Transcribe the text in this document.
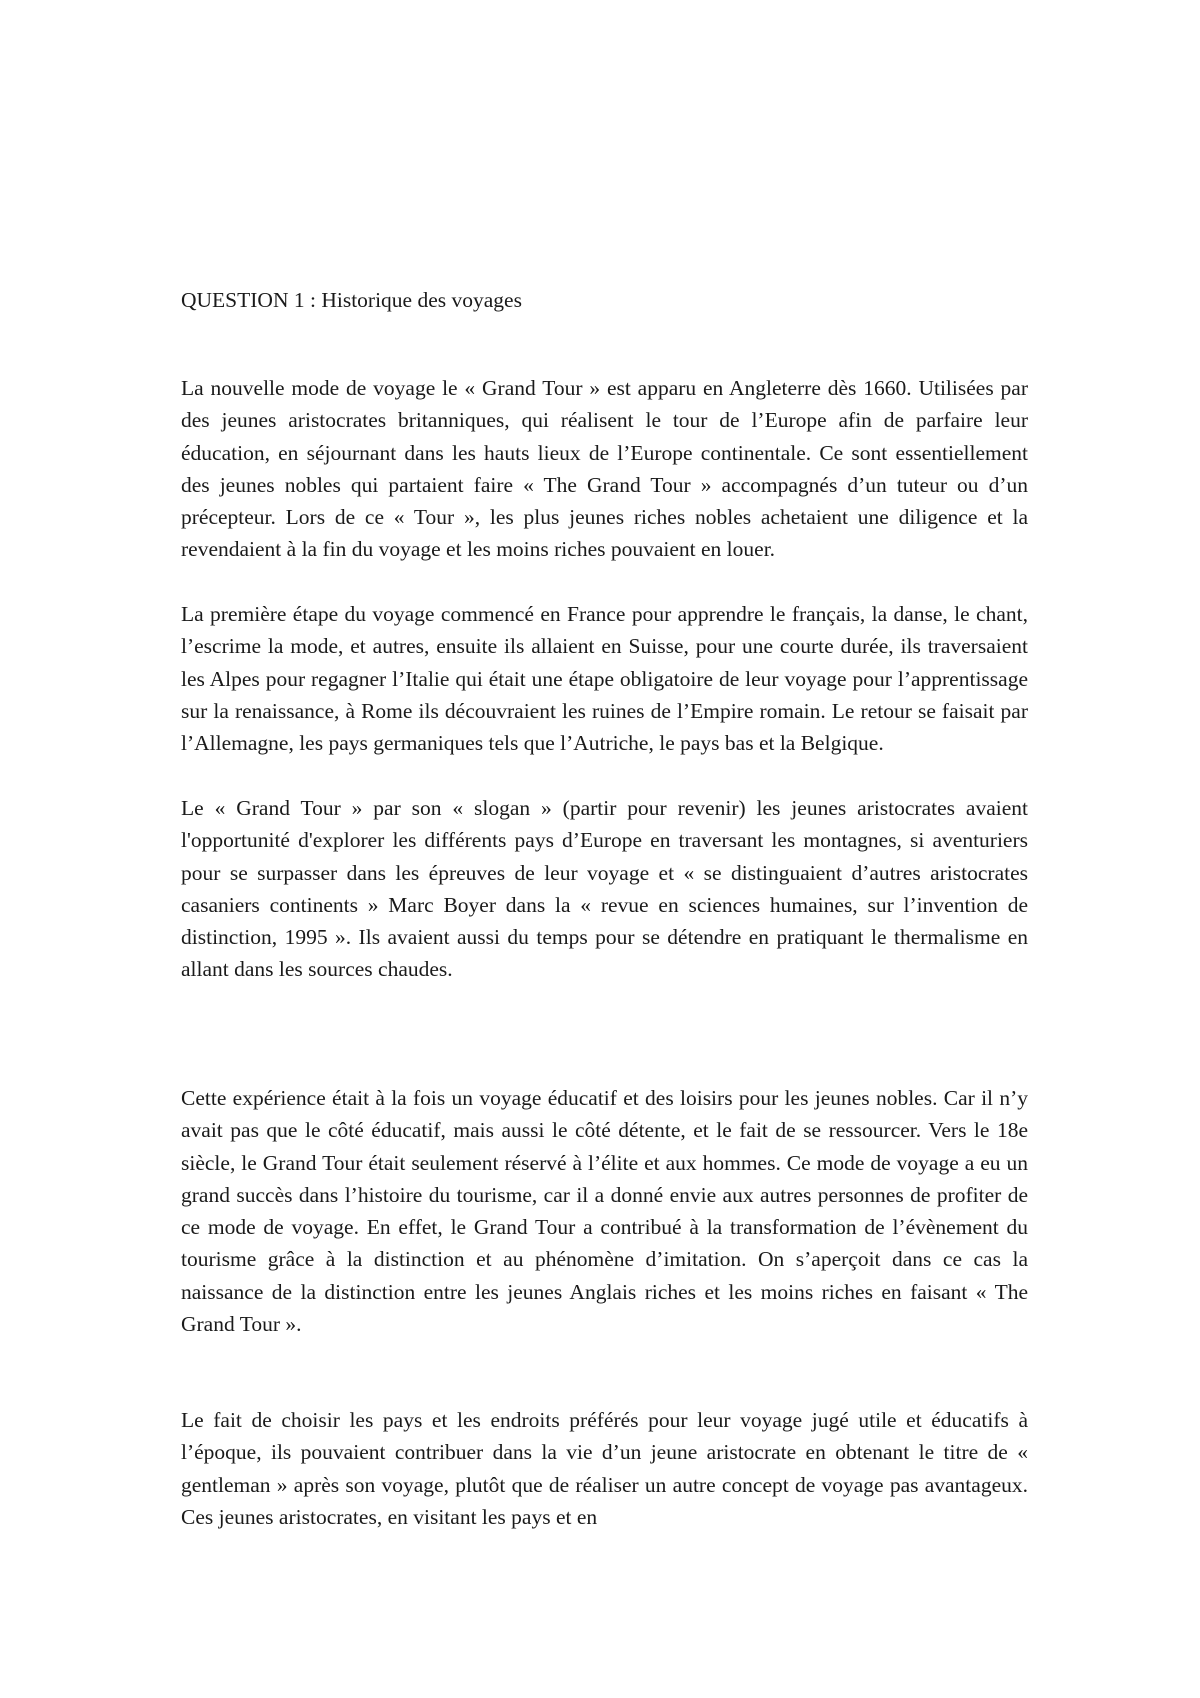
QUESTION 1 : Historique des voyages

La nouvelle mode de voyage le « Grand Tour » est apparu en Angleterre dès 1660. Utilisées par des jeunes aristocrates britanniques, qui réalisent le tour de l’Europe afin de parfaire leur éducation, en séjournant dans les hauts lieux de l’Europe continentale. Ce sont essentiellement des jeunes nobles qui partaient faire « The Grand Tour » accompagnés d’un tuteur ou d’un précepteur. Lors de ce « Tour », les plus jeunes riches nobles achetaient une diligence et la revendaient à la fin du voyage et les moins riches pouvaient en louer.

La première étape du voyage commencé en France pour apprendre le français, la danse, le chant, l’escrime la mode, et autres, ensuite ils allaient en Suisse, pour une courte durée, ils traversaient les Alpes pour regagner l’Italie qui était une étape obligatoire de leur voyage pour l’apprentissage sur la renaissance, à Rome ils découvraient les ruines de l’Empire romain. Le retour se faisait par l’Allemagne, les pays germaniques tels que l’Autriche, le pays bas et la Belgique.

Le « Grand Tour » par son « slogan » (partir pour revenir) les jeunes aristocrates avaient l'opportunité d'explorer les différents pays d’Europe en traversant les montagnes, si aventuriers pour se surpasser dans les épreuves de leur voyage et « se distinguaient d’autres aristocrates casaniers continents » Marc Boyer dans la « revue en sciences humaines, sur l’invention de distinction, 1995 ». Ils avaient aussi du temps pour se détendre en pratiquant le thermalisme en allant dans les sources chaudes.

Cette expérience était à la fois un voyage éducatif et des loisirs pour les jeunes nobles. Car il n’y avait pas que le côté éducatif, mais aussi le côté détente, et le fait de se ressourcer. Vers le 18e siècle, le Grand Tour était seulement réservé à l’élite et aux hommes. Ce mode de voyage a eu un grand succès dans l’histoire du tourisme, car il a donné envie aux autres personnes de profiter de ce mode de voyage. En effet, le Grand Tour a contribué à la transformation de l’évènement du tourisme grâce à la distinction et au phénomène d’imitation. On s’aperçoit dans ce cas la naissance de la distinction entre les jeunes Anglais riches et les moins riches en faisant « The Grand Tour ».

Le fait de choisir les pays et les endroits préférés pour leur voyage jugé utile et éducatifs à l’époque, ils pouvaient contribuer dans la vie d’un jeune aristocrate en obtenant le titre de « gentleman » après son voyage, plutôt que de réaliser un autre concept de voyage pas avantageux. Ces jeunes aristocrates, en visitant les pays et en
